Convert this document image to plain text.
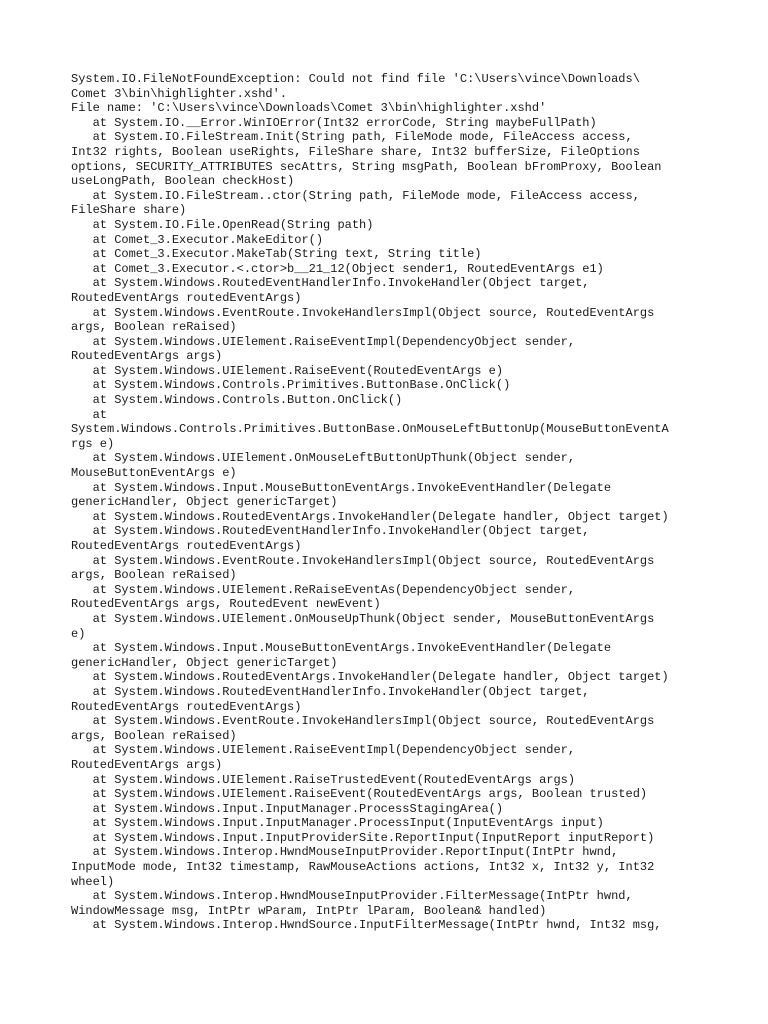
System.IO.FileNotFoundException: Could not find file 'C:\Users\vince\Downloads\
Comet 3\bin\highlighter.xshd'.
File name: 'C:\Users\vince\Downloads\Comet 3\bin\highlighter.xshd'
at System.IO.__Error.WinIOError(Int32 errorCode, String maybeFullPath)
at System.IO.FileStream.Init(String path, FileMode mode, FileAccess access,
Int32 rights, Boolean useRights, FileShare share, Int32 bufferSize, FileOptions
options, SECURITY_ATTRIBUTES secAttrs, String msgPath, Boolean bFromProxy, Boolean
useLongPath, Boolean checkHost)
at System.IO.FileStream..ctor(String path, FileMode mode, FileAccess access,
FileShare share)
at System.IO.File.OpenRead(String path)
at Comet_3.Executor.MakeEditor()
at Comet_3.Executor.MakeTab(String text, String title)
at Comet_3.Executor.<.ctor>b__21_12(Object sender1, RoutedEventArgs e1)
at System.Windows.RoutedEventHandlerInfo.InvokeHandler(Object target,
RoutedEventArgs routedEventArgs)
at System.Windows.EventRoute.InvokeHandlersImpl(Object source, RoutedEventArgs
args, Boolean reRaised)
at System.Windows.UIElement.RaiseEventImpl(DependencyObject sender,
RoutedEventArgs args)
at System.Windows.UIElement.RaiseEvent(RoutedEventArgs e)
at System.Windows.Controls.Primitives.ButtonBase.OnClick()
at System.Windows.Controls.Button.OnClick()
at
System.Windows.Controls.Primitives.ButtonBase.OnMouseLeftButtonUp(MouseButtonEventA
rgs e)
at System.Windows.UIElement.OnMouseLeftButtonUpThunk(Object sender,
MouseButtonEventArgs e)
at System.Windows.Input.MouseButtonEventArgs.InvokeEventHandler(Delegate
genericHandler, Object genericTarget)
at System.Windows.RoutedEventArgs.InvokeHandler(Delegate handler, Object target)
at System.Windows.RoutedEventHandlerInfo.InvokeHandler(Object target,
RoutedEventArgs routedEventArgs)
at System.Windows.EventRoute.InvokeHandlersImpl(Object source, RoutedEventArgs
args, Boolean reRaised)
at System.Windows.UIElement.ReRaiseEventAs(DependencyObject sender,
RoutedEventArgs args, RoutedEvent newEvent)
at System.Windows.UIElement.OnMouseUpThunk(Object sender, MouseButtonEventArgs
e)
at System.Windows.Input.MouseButtonEventArgs.InvokeEventHandler(Delegate
genericHandler, Object genericTarget)
at System.Windows.RoutedEventArgs.InvokeHandler(Delegate handler, Object target)
at System.Windows.RoutedEventHandlerInfo.InvokeHandler(Object target,
RoutedEventArgs routedEventArgs)
at System.Windows.EventRoute.InvokeHandlersImpl(Object source, RoutedEventArgs
args, Boolean reRaised)
at System.Windows.UIElement.RaiseEventImpl(DependencyObject sender,
RoutedEventArgs args)
at System.Windows.UIElement.RaiseTrustedEvent(RoutedEventArgs args)
at System.Windows.UIElement.RaiseEvent(RoutedEventArgs args, Boolean trusted)
at System.Windows.Input.InputManager.ProcessStagingArea()
at System.Windows.Input.InputManager.ProcessInput(InputEventArgs input)
at System.Windows.Input.InputProviderSite.ReportInput(InputReport inputReport)
at System.Windows.Interop.HwndMouseInputProvider.ReportInput(IntPtr hwnd,
InputMode mode, Int32 timestamp, RawMouseActions actions, Int32 x, Int32 y, Int32
wheel)
at System.Windows.Interop.HwndMouseInputProvider.FilterMessage(IntPtr hwnd,
WindowMessage msg, IntPtr wParam, IntPtr lParam, Boolean& handled)
at System.Windows.Interop.HwndSource.InputFilterMessage(IntPtr hwnd, Int32 msg,
